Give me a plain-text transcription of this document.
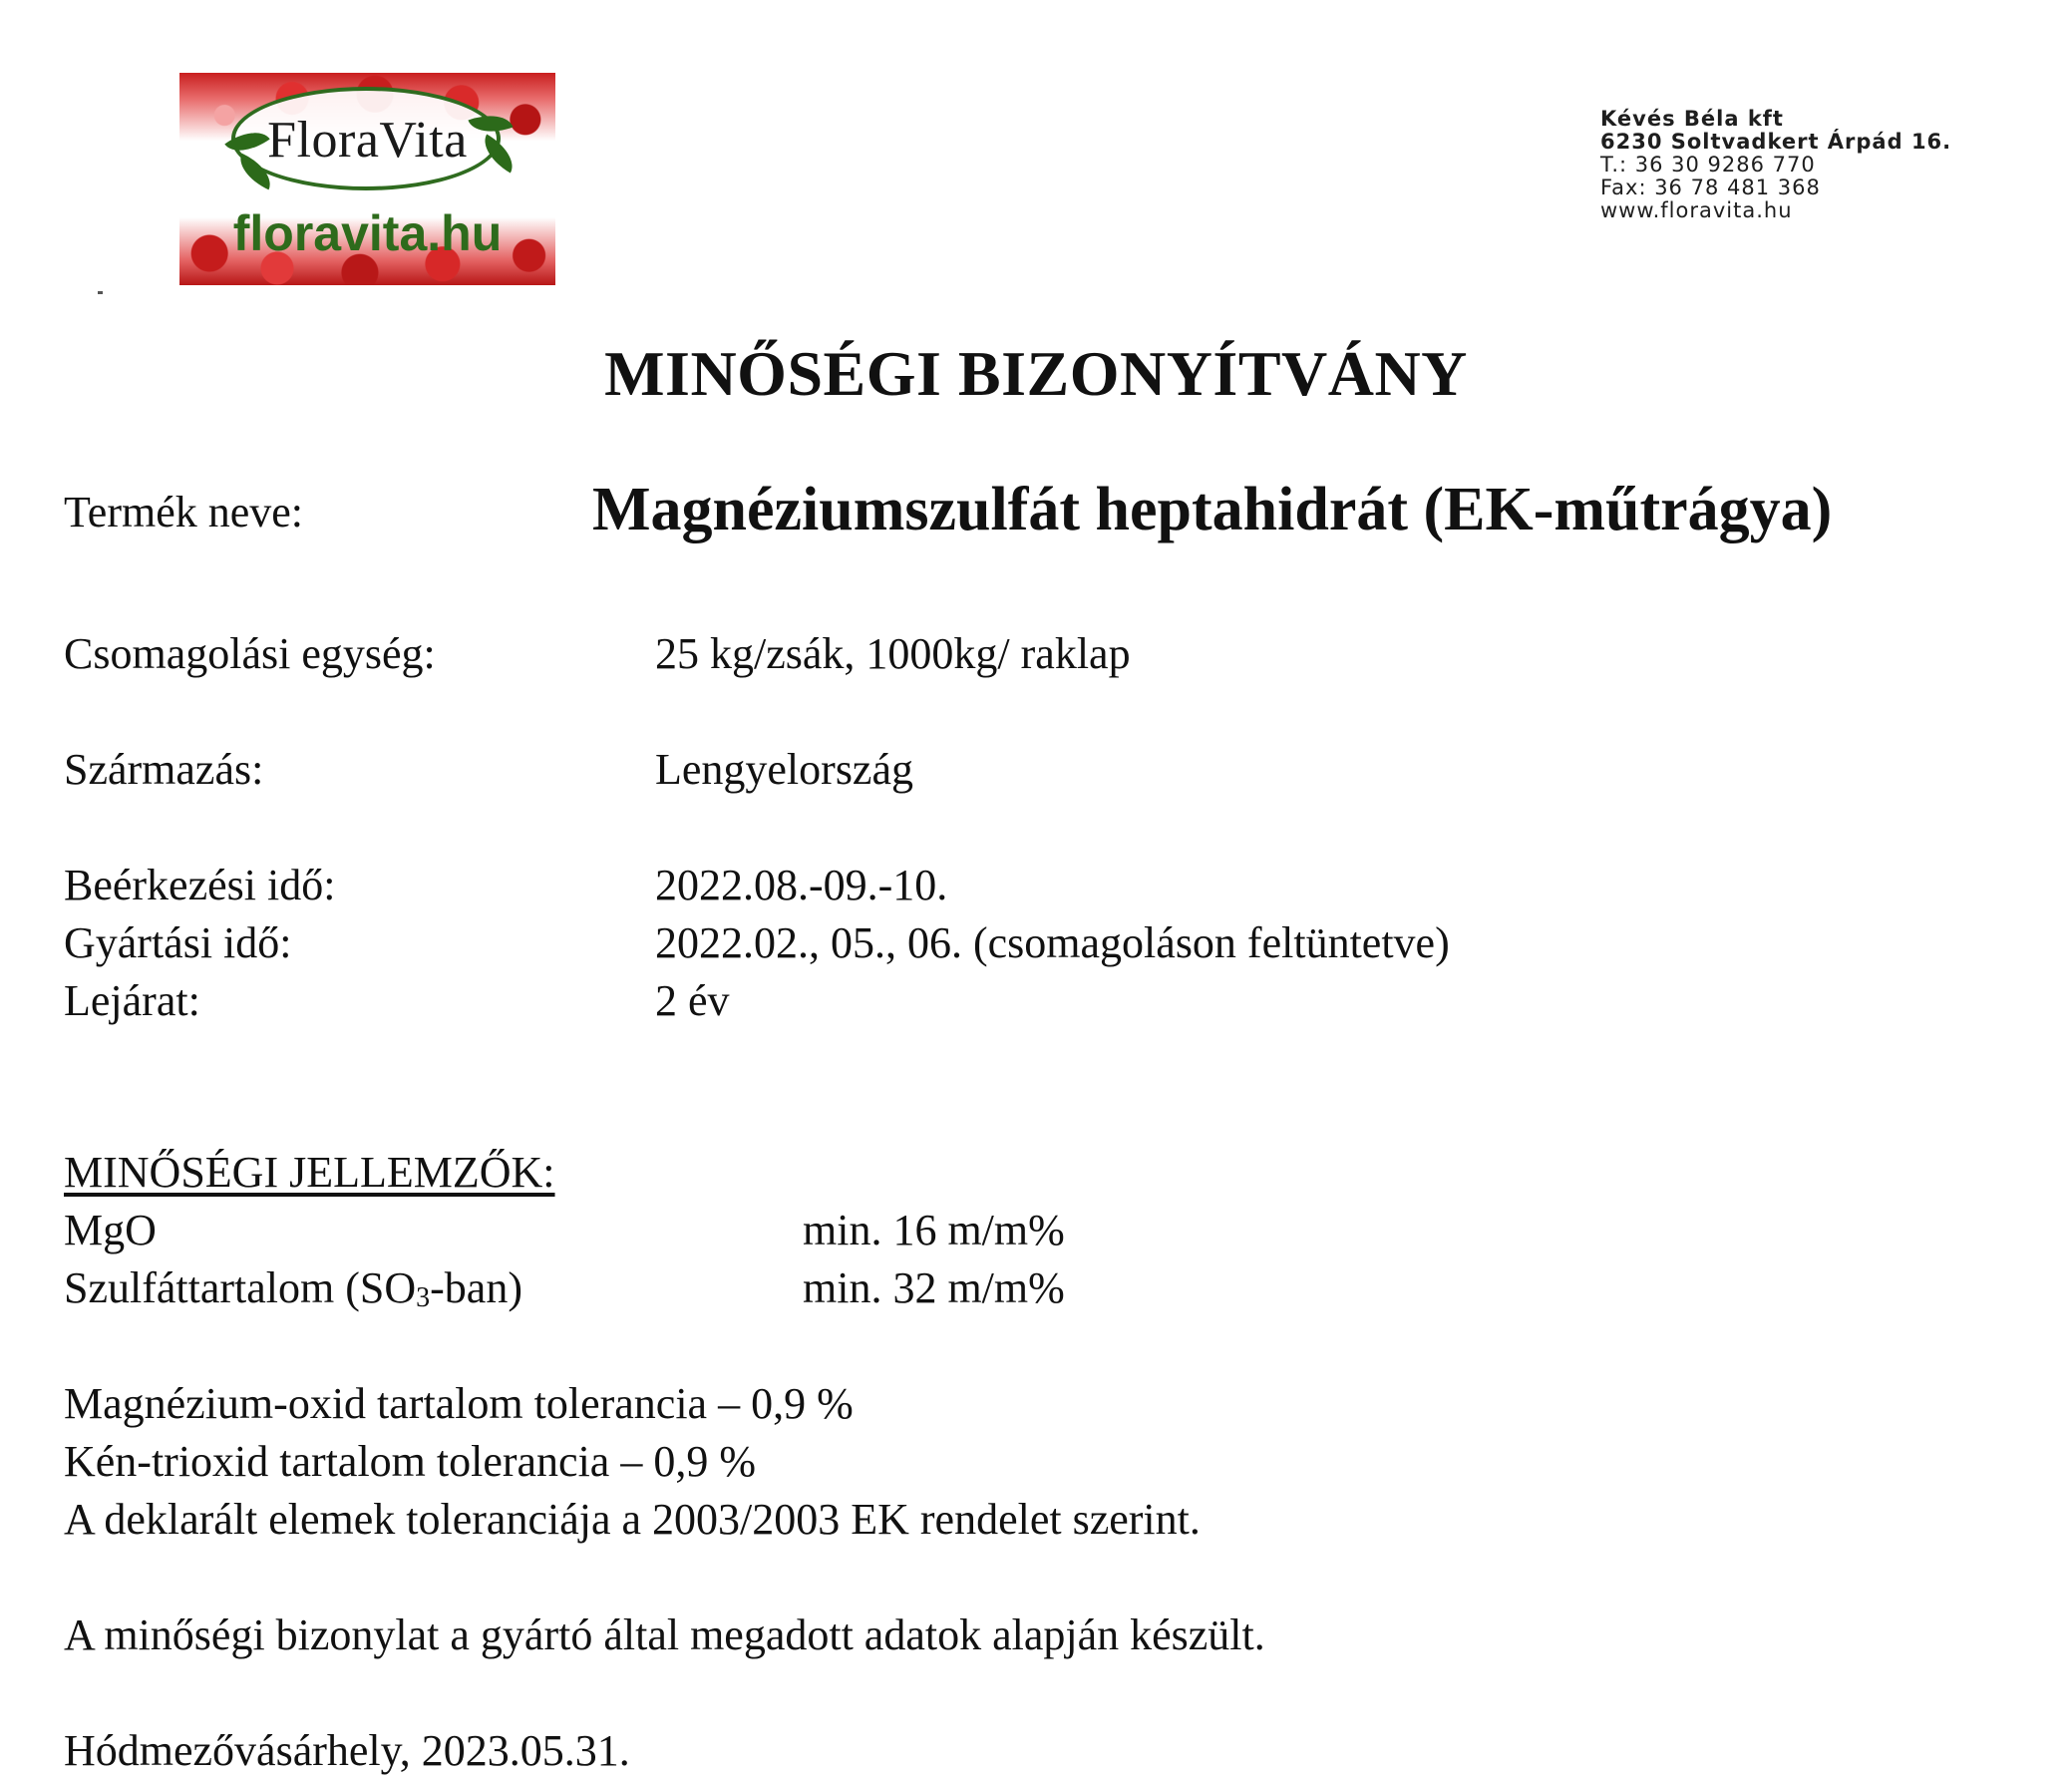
FloraVita
floravita.hu
Kévés Béla kft
6230 Soltvadkert Árpád 16.
T.: 36 30 9286 770
Fax: 36 78 481 368
www.floravita.hu
MINŐSÉGI BIZONYÍTVÁNY
Termék neve:	Magnéziumszulfát heptahidrát (EK-műtrágya)
Csomagolási egység:	25 kg/zsák, 1000kg/ raklap
Származás:	Lengyelország
Beérkezési idő:	2022.08.-09.-10.
Gyártási idő:	2022.02., 05., 06. (csomagoláson feltüntetve)
Lejárat:	2 év
MINŐSÉGI JELLEMZŐK:
MgO	min. 16 m/m%
Szulfáttartalom $(SO_3-ban)$	min. 32 m/m%
Magnézium-oxid tartalom tolerancia – 0,9 %
Kén-trioxid tartalom tolerancia – 0,9 %
A deklarált elemek toleranciája a 2003/2003 EK rendelet szerint.
A minőségi bizonylat a gyártó által megadott adatok alapján készült.
Hódmezővásárhely, 2023.05.31.
